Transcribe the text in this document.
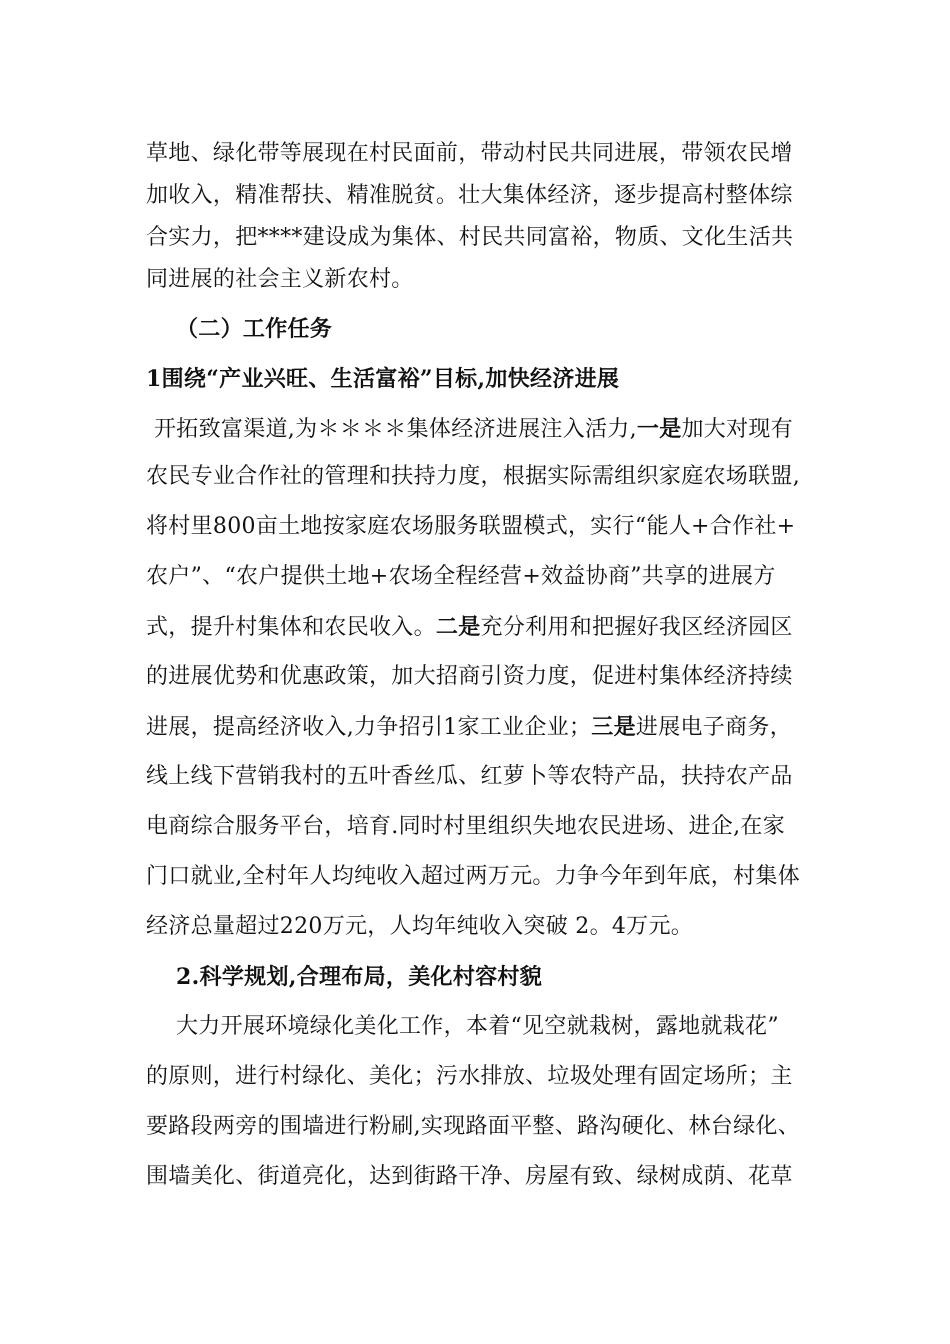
草地、绿化带等展现在村民面前，带动村民共同进展，带领农民增
加收入，精准帮扶、精准脱贫。壮大集体经济，逐步提高村整体综
合实力，把****建设成为集体、村民共同富裕，物质、文化生活共
同进展的社会主义新农村。
（二）工作任务
1围绕“产业兴旺、生活富裕”目标,加快经济进展
开拓致富渠道,为＊＊＊＊集体经济进展注入活力,一是加大对现有
农民专业合作社的管理和扶持力度，根据实际需组织家庭农场联盟,
将村里800亩土地按家庭农场服务联盟模式，实行“能人+合作社+
农户”、“农户提供土地+农场全程经营+效益协商”共享的进展方
式，提升村集体和农民收入。二是充分利用和把握好我区经济园区
的进展优势和优惠政策，加大招商引资力度，促进村集体经济持续
进展，提高经济收入,力争招引1家工业企业；三是进展电子商务，
线上线下营销我村的五叶香丝瓜、红萝卜等农特产品，扶持农产品
电商综合服务平台，培育.同时村里组织失地农民进场、进企,在家
门口就业,全村年人均纯收入超过两万元。力争今年到年底，村集体
经济总量超过220万元，人均年纯收入突破 2。4万元。
2.科学规划,合理布局，美化村容村貌
大力开展环境绿化美化工作，本着“见空就栽树，露地就栽花”
的原则，进行村绿化、美化；污水排放、垃圾处理有固定场所；主
要路段两旁的围墙进行粉刷,实现路面平整、路沟硬化、林台绿化、
围墙美化、街道亮化，达到街路干净、房屋有致、绿树成荫、花草
